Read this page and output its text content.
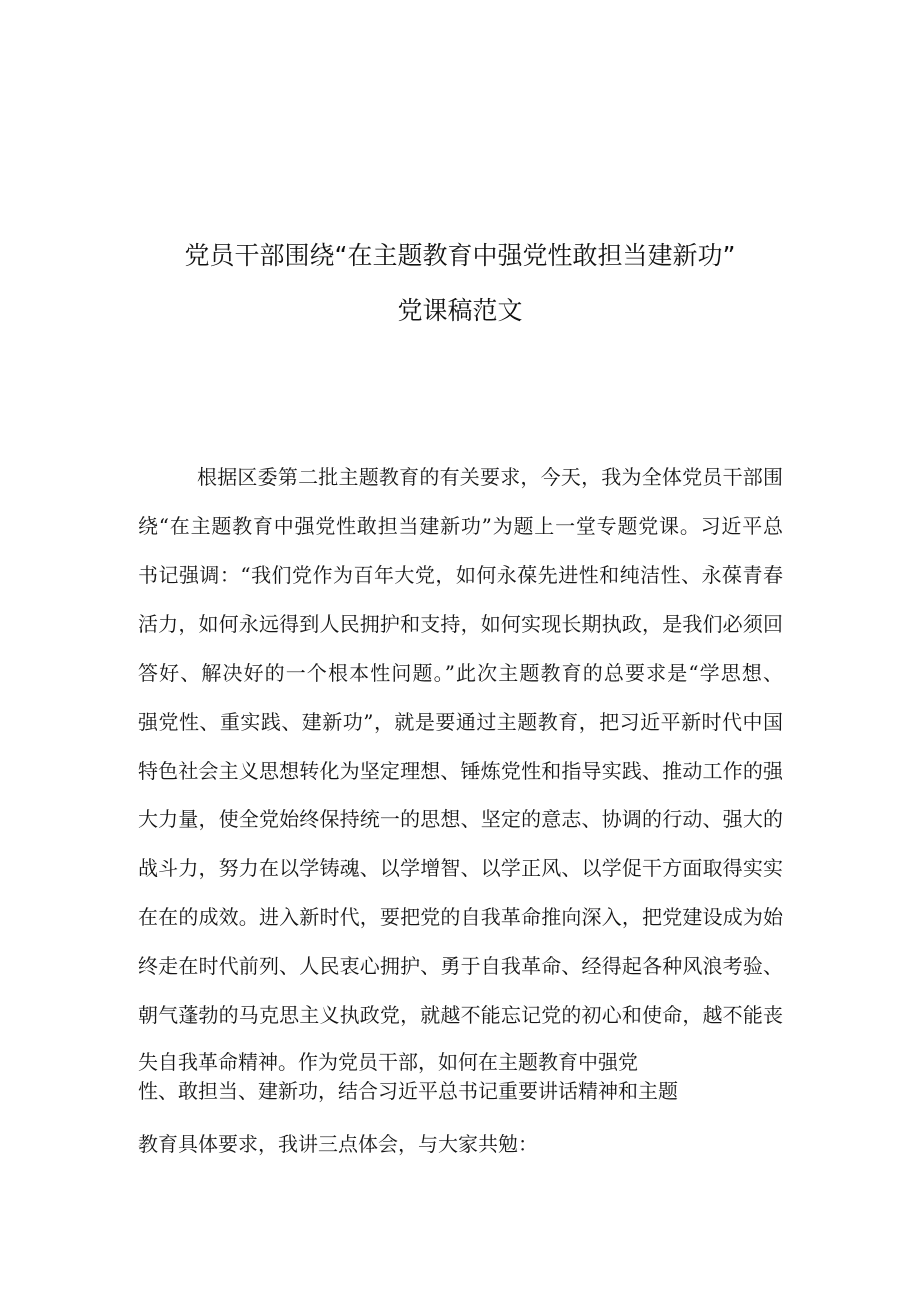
党员干部围绕“在主题教育中强党性敢担当建新功”
党课稿范文
根据区委第二批主题教育的有关要求，今天，我为全体党员干部围
绕“在主题教育中强党性敢担当建新功”为题上一堂专题党课。习近平总
书记强调：“我们党作为百年大党，如何永葆先进性和纯洁性、永葆青春
活力，如何永远得到人民拥护和支持，如何实现长期执政，是我们必须回
答好、解决好的一个根本性问题。”此次主题教育的总要求是“学思想、
强党性、重实践、建新功”，就是要通过主题教育，把习近平新时代中国
特色社会主义思想转化为坚定理想、锤炼党性和指导实践、推动工作的强
大力量，使全党始终保持统一的思想、坚定的意志、协调的行动、强大的
战斗力，努力在以学铸魂、以学增智、以学正风、以学促干方面取得实实
在在的成效。进入新时代，要把党的自我革命推向深入，把党建设成为始
终走在时代前列、人民衷心拥护、勇于自我革命、经得起各种风浪考验、
朝气蓬勃的马克思主义执政党，就越不能忘记党的初心和使命，越不能丧
失自我革命精神。作为党员干部，如何在主题教育中强党
性、敢担当、建新功，结合习近平总书记重要讲话精神和主题
教育具体要求，我讲三点体会，与大家共勉：
